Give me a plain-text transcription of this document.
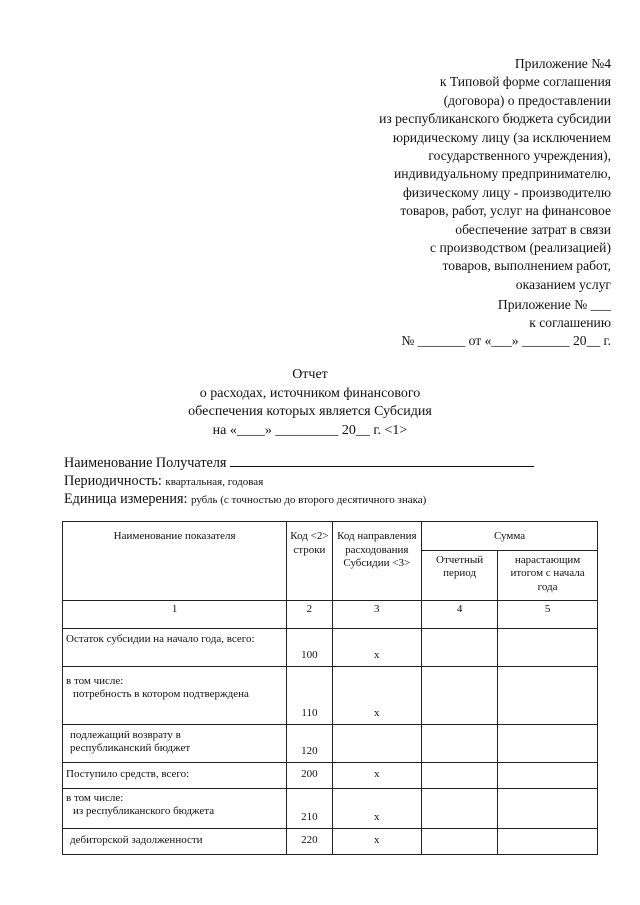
Приложение №4
к Типовой форме соглашения
(договора) о предоставлении
из республиканского бюджета субсидии
юридическому лицу (за исключением
государственного учреждения),
индивидуальному предпринимателю,
физическому лицу - производителю
товаров, работ, услуг на финансовое
обеспечение затрат в связи
с производством (реализацией)
товаров, выполнением работ,
оказанием услуг
Приложение № ___
к соглашению
№ _______ от «___» _______ 20__ г.
Отчет
о расходах, источником финансового
обеспечения которых является Субсидия
на «____» _________ 20__ г. <1>
Наименование Получателя
Периодичность: квартальная, годовая
Единица измерения: рубль (с точностью до второго десятичного знака)
Наименование показателя	Код <2> строки	Код направления расходования Субсидии <3>	Сумма	
			Отчетный период	нарастающим итогом с начала года
1	2	3	4	5
Остаток субсидии на начало года, всего:	100	x		

в том числе:
потребность в котором подтверждена	110	x		
подлежащий возврату в республиканский бюджет	120			
Поступило средств, всего:	200	x		

в том числе:
из республиканского бюджета	210	x		
дебиторской задолженности	220	x		
